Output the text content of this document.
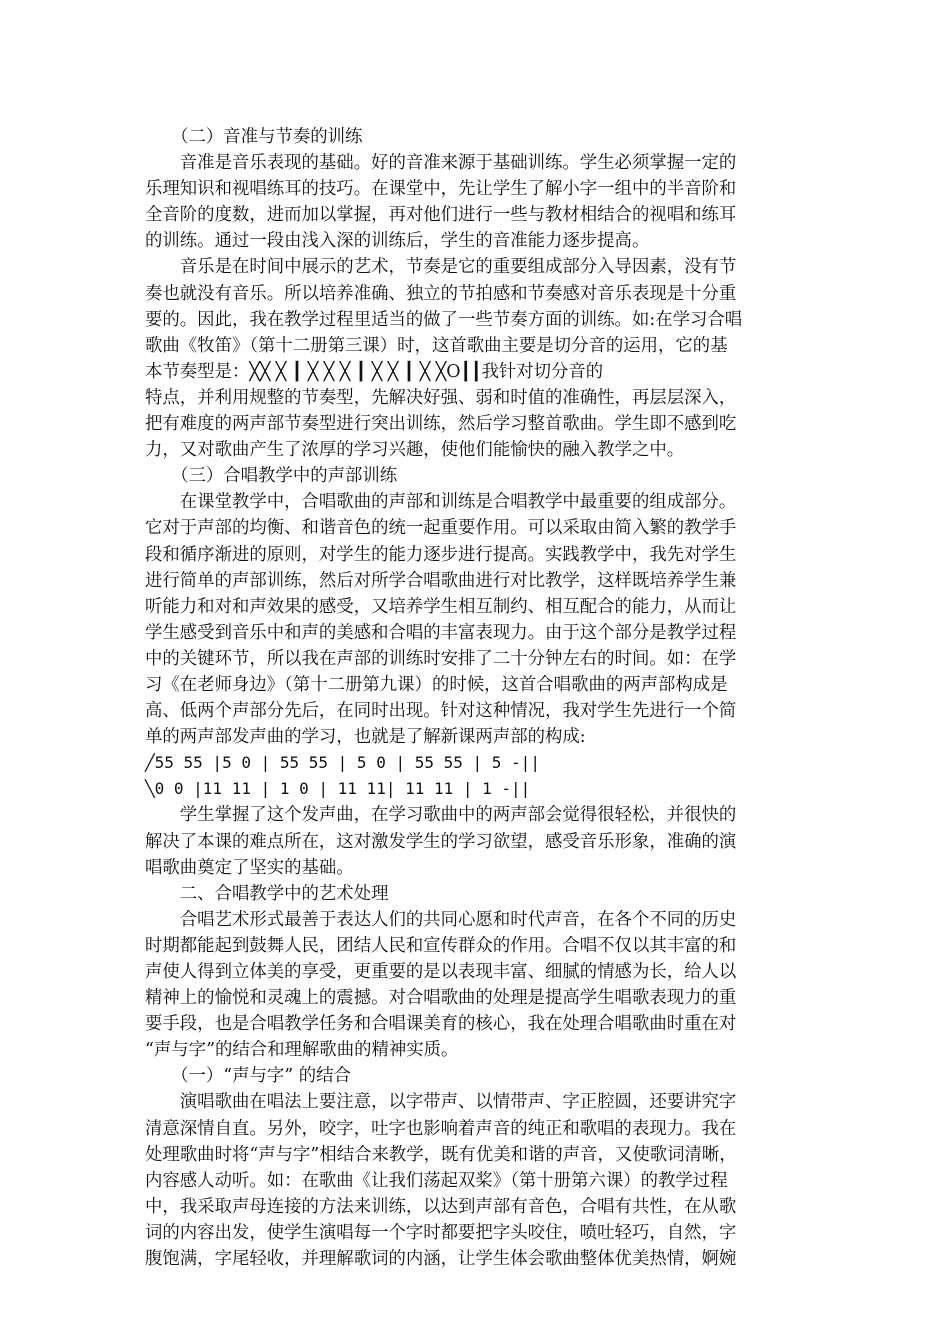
　　（二）音准与节奏的训练
　　音准是音乐表现的基础。好的音准来源于基础训练。学生必须掌握一定的
乐理知识和视唱练耳的技巧。在课堂中，先让学生了解小字一组中的半音阶和
全音阶的度数，进而加以掌握，再对他们进行一些与教材相结合的视唱和练耳
的训练。通过一段由浅入深的训练后，学生的音准能力逐步提高。
　　音乐是在时间中展示的艺术，节奏是它的重要组成部分入导因素，没有节
奏也就没有音乐。所以培养准确、独立的节拍感和节奏感对音乐表现是十分重
要的。因此，我在教学过程里适当的做了一些节奏方面的训练。如:在学习合唱
歌曲《牧笛》（第十二册第三课）时，这首歌曲主要是切分音的运用，它的基
本节奏型是：╳╳ ╳ ┃ ╳ ╳ ╳ ┃ ╳ ╳ ┃ ╳ ╳O┃┃我针对切分音的
特点，并利用规整的节奏型，先解决好强、弱和时值的准确性，再层层深入，
把有难度的两声部节奏型进行突出训练，然后学习整首歌曲。学生即不感到吃
力，又对歌曲产生了浓厚的学习兴趣，使他们能愉快的融入教学之中。
　　（三）合唱教学中的声部训练
　　在课堂教学中，合唱歌曲的声部和训练是合唱教学中最重要的组成部分。
它对于声部的均衡、和谐音色的统一起重要作用。可以采取由简入繁的教学手
段和循序渐进的原则，对学生的能力逐步进行提高。实践教学中，我先对学生
进行简单的声部训练，然后对所学合唱歌曲进行对比教学，这样既培养学生兼
听能力和对和声效果的感受，又培养学生相互制约、相互配合的能力，从而让
学生感受到音乐中和声的美感和合唱的丰富表现力。由于这个部分是教学过程
中的关键环节，所以我在声部的训练时安排了二十分钟左右的时间。如：在学
习《在老师身边》（第十二册第九课）的时候，这首合唱歌曲的两声部构成是
高、低两个声部分先后，在同时出现。针对这种情况，我对学生先进行一个简
单的两声部发声曲的学习，也就是了解新课两声部的构成:
╱55 55 |5 0 | 55 55 | 5 0 | 55 55 | 5 -||
╲0 0 |11 11 | 1 0 | 11 11| 11 11 | 1 -||
　　学生掌握了这个发声曲，在学习歌曲中的两声部会觉得很轻松，并很快的
解决了本课的难点所在，这对激发学生的学习欲望，感受音乐形象，准确的演
唱歌曲奠定了坚实的基础。
　　二、合唱教学中的艺术处理
　　合唱艺术形式最善于表达人们的共同心愿和时代声音，在各个不同的历史
时期都能起到鼓舞人民，团结人民和宣传群众的作用。合唱不仅以其丰富的和
声使人得到立体美的享受，更重要的是以表现丰富、细腻的情感为长，给人以
精神上的愉悦和灵魂上的震撼。对合唱歌曲的处理是提高学生唱歌表现力的重
要手段，也是合唱教学任务和合唱课美育的核心，我在处理合唱歌曲时重在对
“声与字”的结合和理解歌曲的精神实质。
　　（一）“声与字” 的结合
　　演唱歌曲在唱法上要注意，以字带声、以情带声、字正腔圆，还要讲究字
清意深情自直。另外，咬字，吐字也影响着声音的纯正和歌唱的表现力。我在
处理歌曲时将“声与字”相结合来教学，既有优美和谐的声音，又使歌词清晰，
内容感人动听。如：在歌曲《让我们荡起双桨》（第十册第六课）的教学过程
中，我采取声母连接的方法来训练，以达到声部有音色，合唱有共性，在从歌
词的内容出发，使学生演唱每一个字时都要把字头咬住，喷吐轻巧，自然，字
腹饱满，字尾轻收，并理解歌词的内涵，让学生体会歌曲整体优美热情，婀婉
